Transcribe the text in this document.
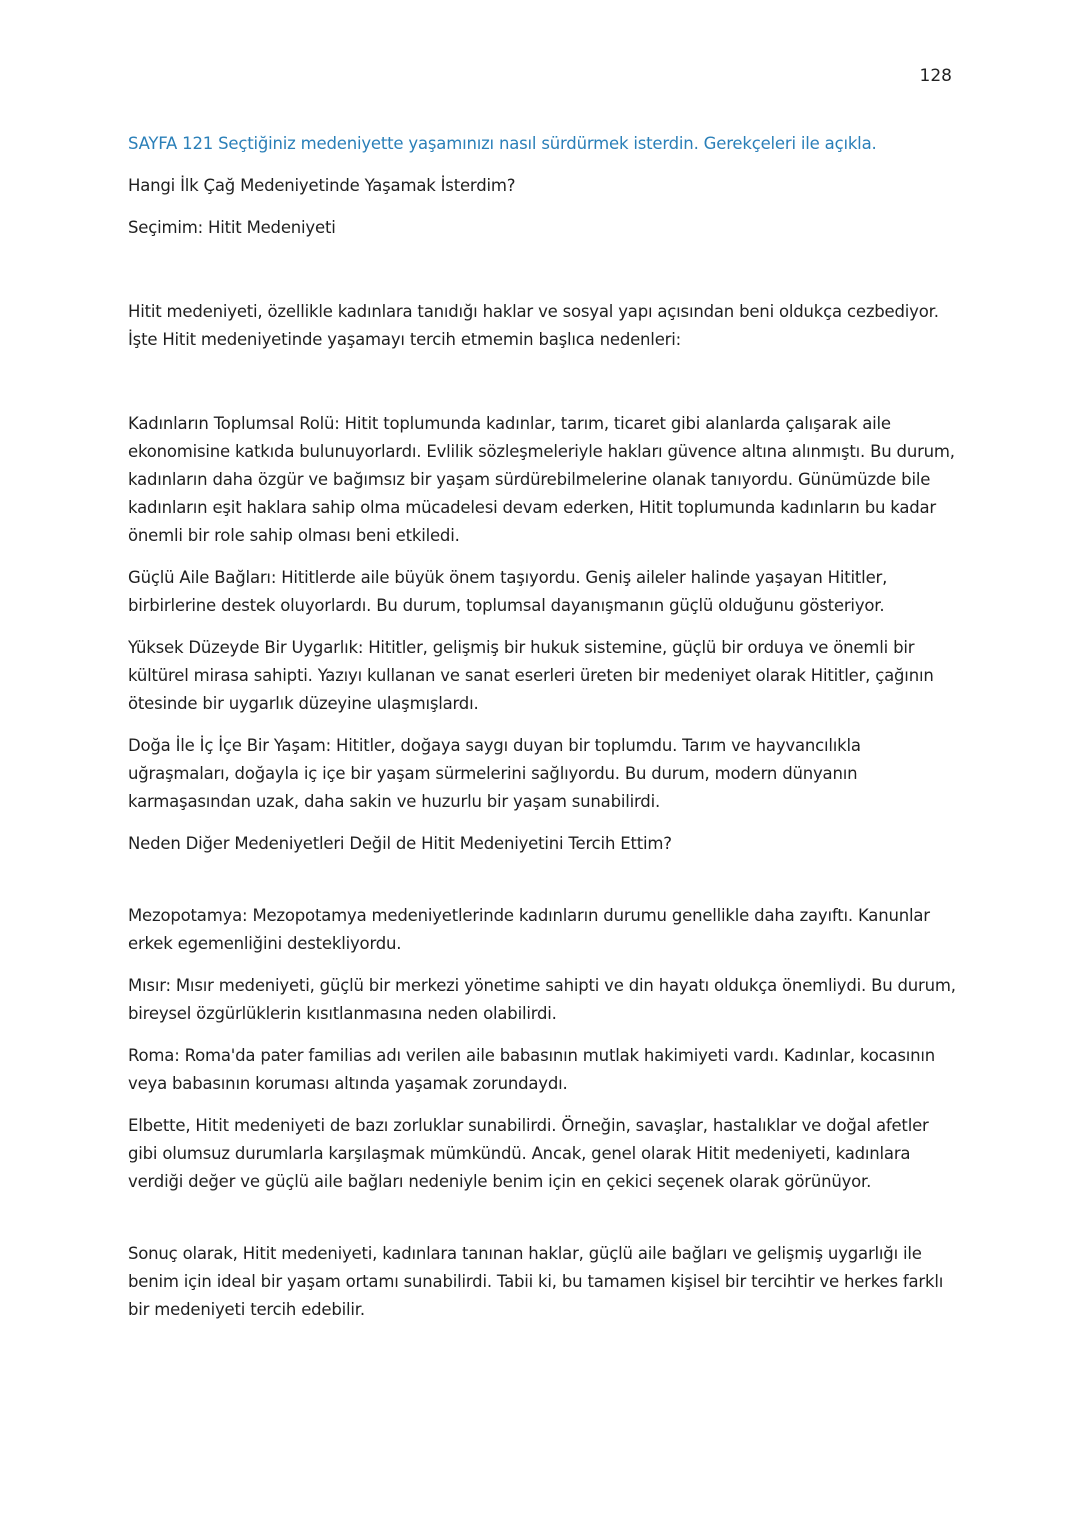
128

SAYFA 121 Seçtiğiniz medeniyette yaşamınızı nasıl sürdürmek isterdin. Gerekçeleri ile açıkla.

Hangi İlk Çağ Medeniyetinde Yaşamak İsterdim?

Seçimim: Hitit Medeniyeti

Hitit medeniyeti, özellikle kadınlara tanıdığı haklar ve sosyal yapı açısından beni oldukça cezbediyor. İşte Hitit medeniyetinde yaşamayı tercih etmemin başlıca nedenleri:

Kadınların Toplumsal Rolü: Hitit toplumunda kadınlar, tarım, ticaret gibi alanlarda çalışarak aile ekonomisine katkıda bulunuyorlardı. Evlilik sözleşmeleriyle hakları güvence altına alınmıştı. Bu durum, kadınların daha özgür ve bağımsız bir yaşam sürdürebilmelerine olanak tanıyordu. Günümüzde bile kadınların eşit haklara sahip olma mücadelesi devam ederken, Hitit toplumunda kadınların bu kadar önemli bir role sahip olması beni etkiledi.

Güçlü Aile Bağları: Hititlerde aile büyük önem taşıyordu. Geniş aileler halinde yaşayan Hititler, birbirlerine destek oluyorlardı. Bu durum, toplumsal dayanışmanın güçlü olduğunu gösteriyor.

Yüksek Düzeyde Bir Uygarlık: Hititler, gelişmiş bir hukuk sistemine, güçlü bir orduya ve önemli bir kültürel mirasa sahipti. Yazıyı kullanan ve sanat eserleri üreten bir medeniyet olarak Hititler, çağının ötesinde bir uygarlık düzeyine ulaşmışlardı.

Doğa İle İç İçe Bir Yaşam: Hititler, doğaya saygı duyan bir toplumdu. Tarım ve hayvancılıkla uğraşmaları, doğayla iç içe bir yaşam sürmelerini sağlıyordu. Bu durum, modern dünyanın karmaşasından uzak, daha sakin ve huzurlu bir yaşam sunabilirdi.

Neden Diğer Medeniyetleri Değil de Hitit Medeniyetini Tercih Ettim?

Mezopotamya: Mezopotamya medeniyetlerinde kadınların durumu genellikle daha zayıftı. Kanunlar erkek egemenliğini destekliyordu.

Mısır: Mısır medeniyeti, güçlü bir merkezi yönetime sahipti ve din hayatı oldukça önemliydi. Bu durum, bireysel özgürlüklerin kısıtlanmasına neden olabilirdi.

Roma: Roma'da pater familias adı verilen aile babasının mutlak hakimiyeti vardı. Kadınlar, kocasının veya babasının koruması altında yaşamak zorundaydı.

Elbette, Hitit medeniyeti de bazı zorluklar sunabilirdi. Örneğin, savaşlar, hastalıklar ve doğal afetler gibi olumsuz durumlarla karşılaşmak mümkündü. Ancak, genel olarak Hitit medeniyeti, kadınlara verdiği değer ve güçlü aile bağları nedeniyle benim için en çekici seçenek olarak görünüyor.

Sonuç olarak, Hitit medeniyeti, kadınlara tanınan haklar, güçlü aile bağları ve gelişmiş uygarlığı ile benim için ideal bir yaşam ortamı sunabilirdi. Tabii ki, bu tamamen kişisel bir tercihtir ve herkes farklı bir medeniyeti tercih edebilir.
